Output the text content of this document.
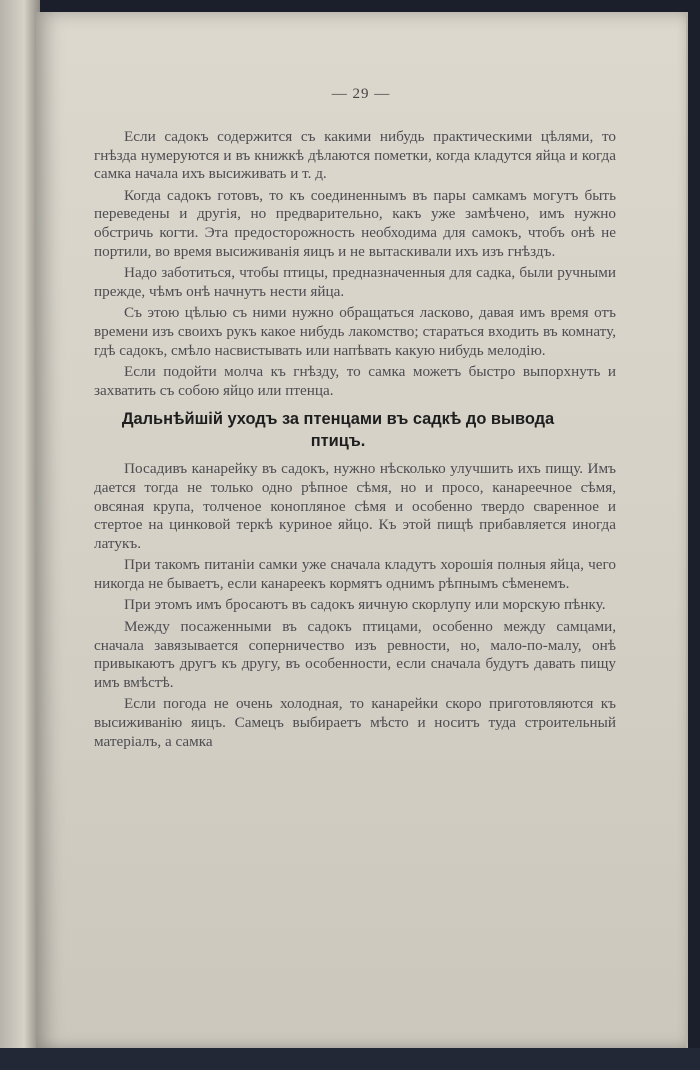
— 29 —

Если садокъ содержится съ какими нибудь практическими цѣлями, то гнѣзда нумеруются и въ книжкѣ дѣлаются пометки, когда кладутся яйца и когда самка начала ихъ высиживать и т. д.

Когда садокъ готовъ, то къ соединеннымъ въ пары самкамъ могутъ быть переведены и другія, но предварительно, какъ уже замѣчено, имъ нужно обстричь когти. Эта предосторожность необходима для самокъ, чтобъ онѣ не портили, во время высиживанія яицъ и не вытаскивали ихъ изъ гнѣздъ.

Надо заботиться, чтобы птицы, предназначенныя для садка, были ручными прежде, чѣмъ онѣ начнутъ нести яйца.

Съ этою цѣлью съ ними нужно обращаться ласково, давая имъ время отъ времени изъ своихъ рукъ какое нибудь лакомство; стараться входить въ комнату, гдѣ садокъ, смѣло насвистывать или напѣвать какую нибудь мелодію.

Если подойти молча къ гнѣзду, то самка можетъ быстро выпорхнуть и захватить съ собою яйцо или птенца.

Дальнѣйшій уходъ за птенцами въ садкѣ до вывода
птицъ.

Посадивъ канарейку въ садокъ, нужно нѣсколько улучшить ихъ пищу. Имъ дается тогда не только одно рѣпное сѣмя, но и просо, канареечное сѣмя, овсяная крупа, толченое конопляное сѣмя и особенно твердо сваренное и стертое на цинковой теркѣ куриное яйцо. Къ этой пищѣ прибавляется иногда латукъ.

При такомъ питаніи самки уже сначала кладутъ хорошія полныя яйца, чего никогда не бываетъ, если канареекъ кормятъ однимъ рѣпнымъ сѣменемъ.

При этомъ имъ бросаютъ въ садокъ яичную скорлупу или морскую пѣнку.

Между посаженными въ садокъ птицами, особенно между самцами, сначала завязывается соперничество изъ ревности, но, мало-по-малу, онѣ привыкаютъ другъ къ другу, въ особенности, если сначала будутъ давать пищу имъ вмѣстѣ.

Если погода не очень холодная, то канарейки скоро приготовляются къ высиживанію яицъ. Самецъ выбираетъ мѣсто и носитъ туда строительный матеріалъ, а самка
